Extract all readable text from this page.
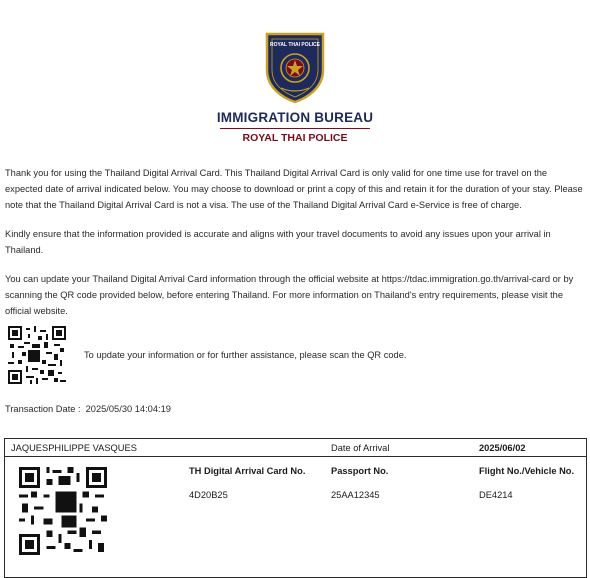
ROYAL THAI POLICE
IMMIGRATION BUREAU
ROYAL THAI POLICE

Thank you for using the Thailand Digital Arrival Card. This Thailand Digital Arrival Card is only valid for one time use for travel on the expected date of arrival indicated below. You may choose to download or print a copy of this and retain it for the duration of your stay. Please note that the Thailand Digital Arrival Card is not a visa. The use of the Thailand Digital Arrival Card e-Service is free of charge.

Kindly ensure that the information provided is accurate and aligns with your travel documents to avoid any issues upon your arrival in Thailand.

You can update your Thailand Digital Arrival Card information through the official website at https://tdac.immigration.go.th/arrival-card or by scanning the QR code provided below, before entering Thailand. For more information on Thailand's entry requirements, please visit the official website.

To update your information or for further assistance, please scan the QR code.
Transaction Date : 2025/05/30 14:04:19
JAQUESPHILIPPE VASQUES	Date of Arrival	2025/06/02
TH Digital Arrival Card No.
4D20B25
Passport No.
25AA12345
Flight No./Vehicle No.
DE4214
